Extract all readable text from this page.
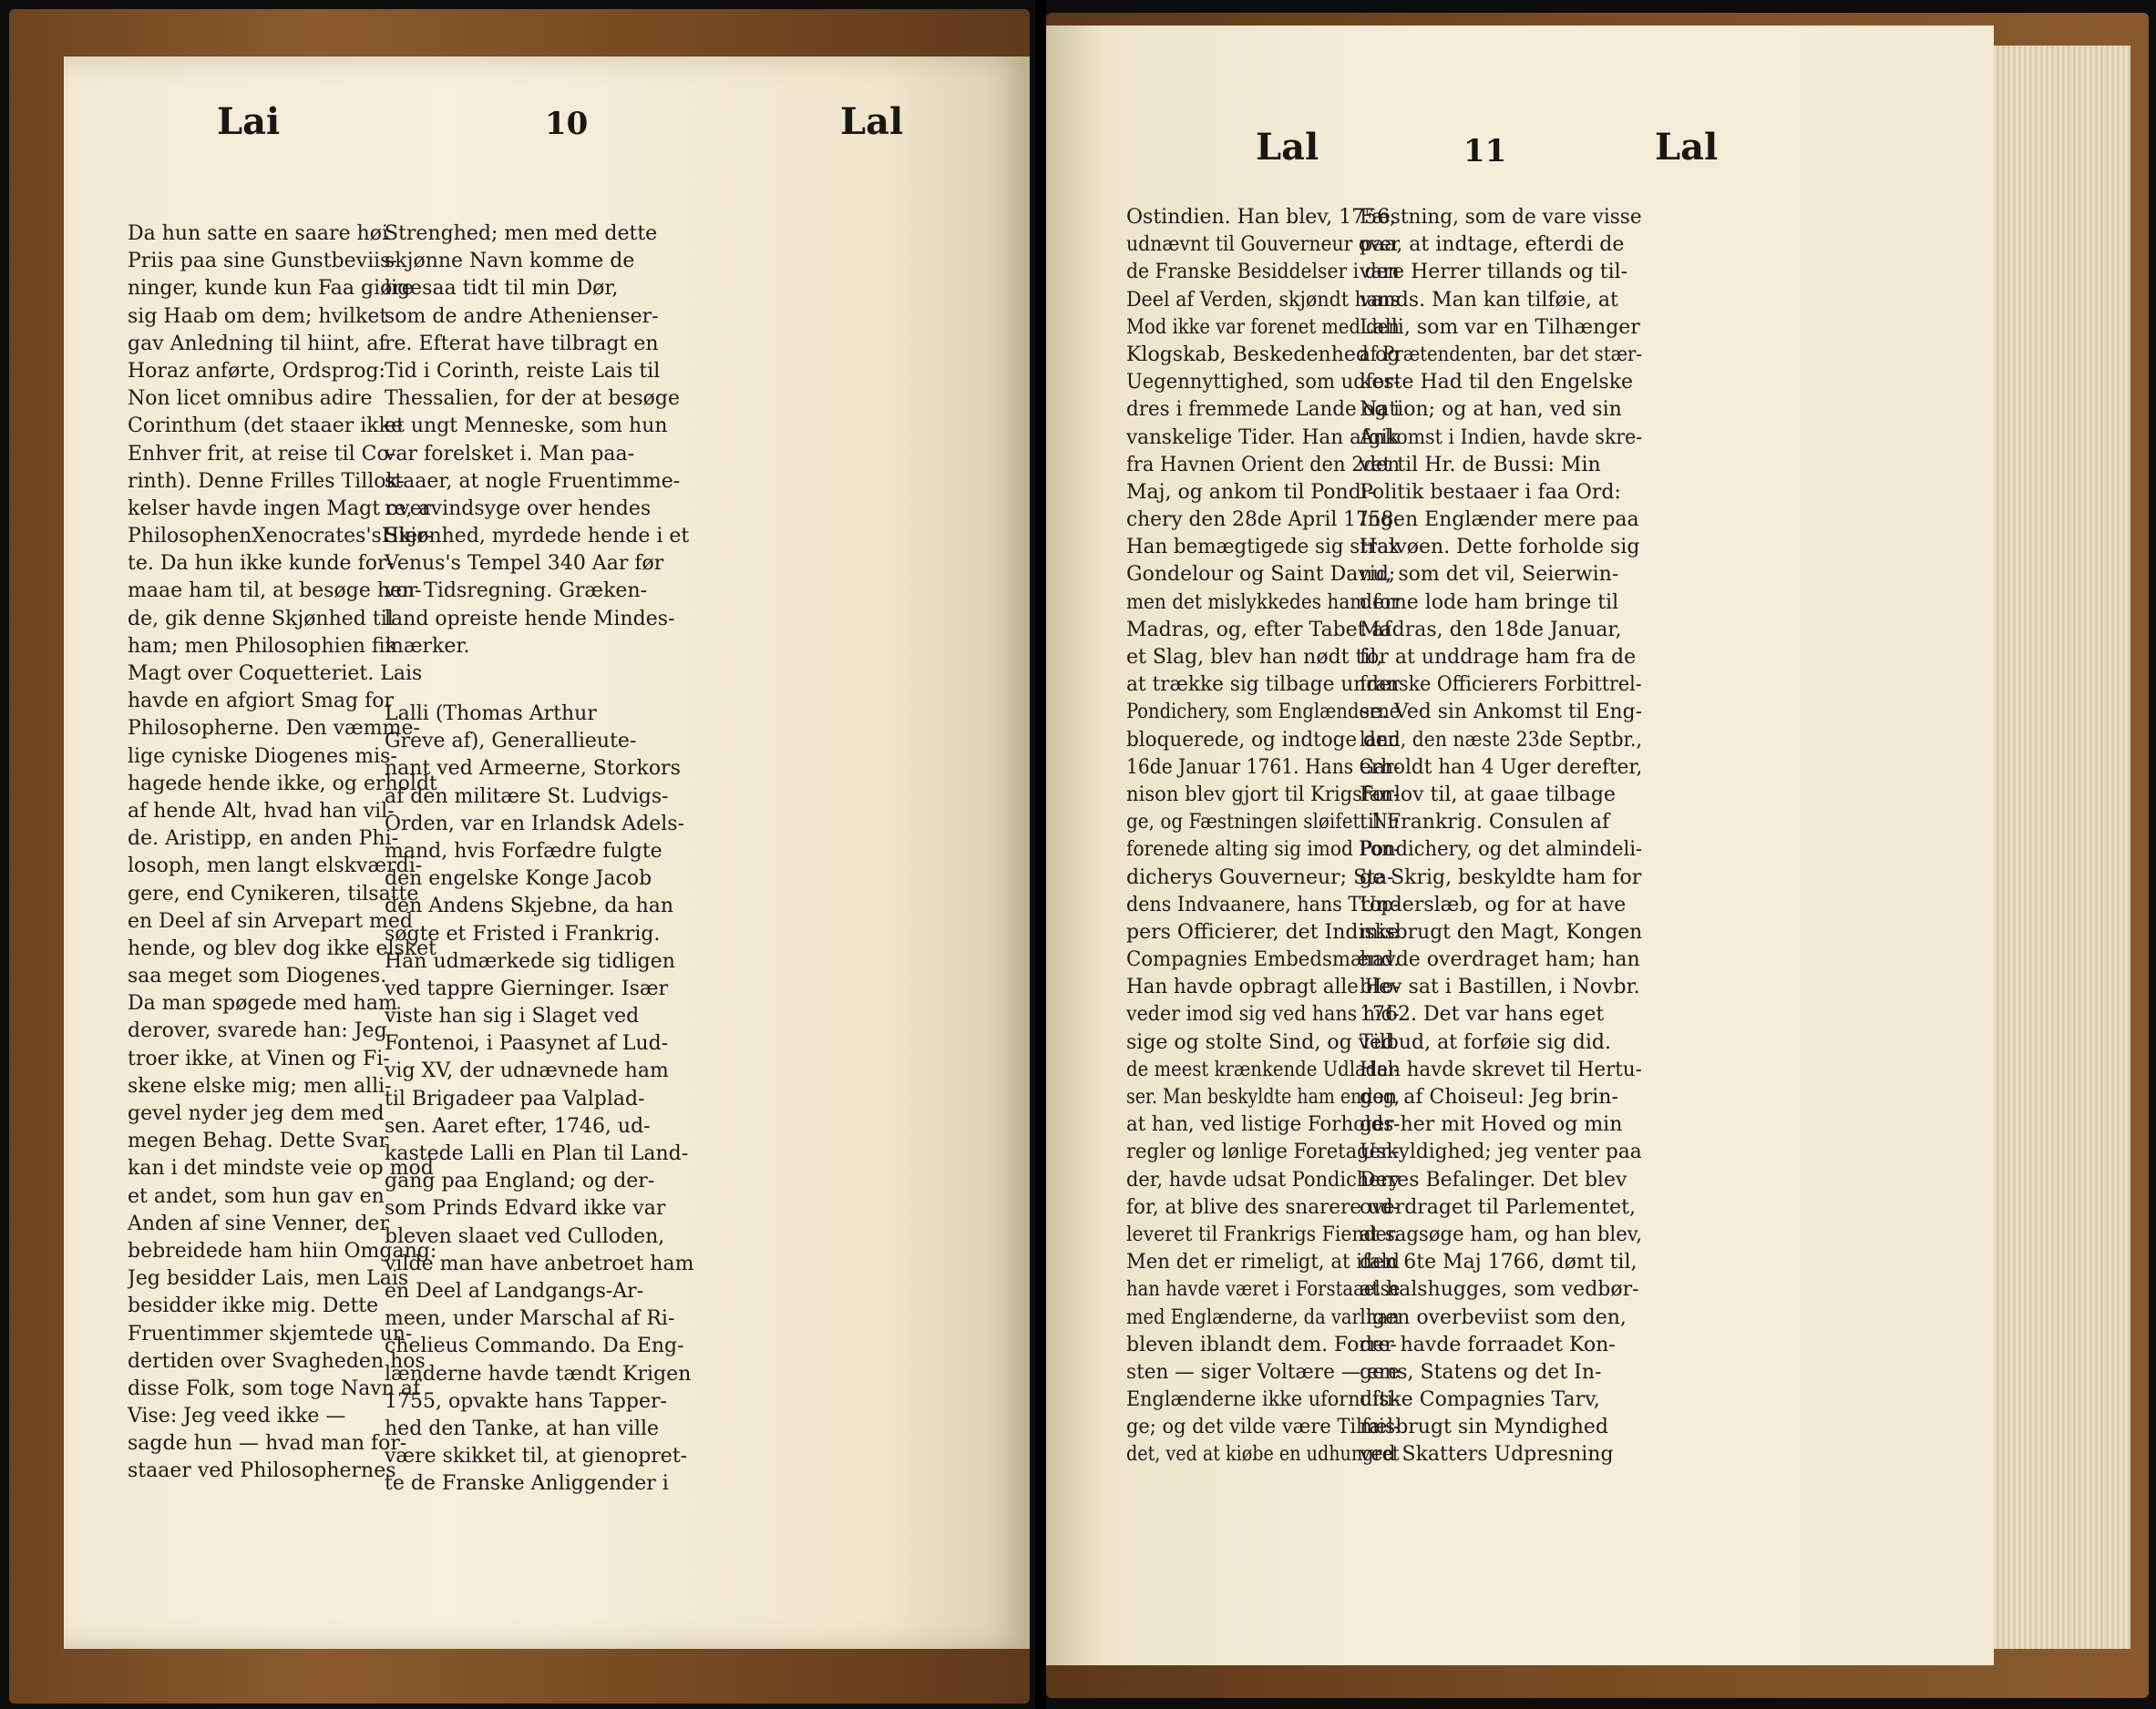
Lai	10	Lal
Da hun satte en saare høi
Priis paa sine Gunstbeviis-
ninger, kunde kun Faa giøre
sig Haab om dem; hvilket
gav Anledning til hiint, af
Horaz anførte, Ordsprog:
Non licet omnibus adire
Corinthum (det staaer ikke
Enhver frit, at reise til Co-
rinth). Denne Frilles Tillok-
kelser havde ingen Magt over
PhilosophenXenocrates'sHier-
te. Da hun ikke kunde for-
maae ham til, at besøge hen-
de, gik denne Skjønhed til
ham; men Philosophien fik
Magt over Coquetteriet. Lais
havde en afgiort Smag for
Philosopherne. Den væmme-
lige cyniske Diogenes mis-
hagede hende ikke, og erholdt
af hende Alt, hvad han vil-
de. Aristipp, en anden Phi-
losoph, men langt elskværdi-
gere, end Cynikeren, tilsatte
en Deel af sin Arvepart med
hende, og blev dog ikke elsket
saa meget som Diogenes.
Da man spøgede med ham
derover, svarede han: Jeg
troer ikke, at Vinen og Fi-
skene elske mig; men alli-
gevel nyder jeg dem med
megen Behag. Dette Svar
kan i det mindste veie op mod
et andet, som hun gav en
Anden af sine Venner, der
bebreidede ham hiin Omgang:
Jeg besidder Lais, men Lais
besidder ikke mig. Dette
Fruentimmer skjemtede un-
dertiden over Svagheden hos
disse Folk, som toge Navn af
Vise: Jeg veed ikke —
sagde hun — hvad man for-
staaer ved Philosophernes
Strenghed; men med dette
skjønne Navn komme de
ligesaa tidt til min Dør,
som de andre Athenienser-
re. Efterat have tilbragt en
Tid i Corinth, reiste Lais til
Thessalien, for der at besøge
et ungt Menneske, som hun
var forelsket i. Man paa-
staaer, at nogle Fruentimme-
re, avindsyge over hendes
Skjønhed, myrdede hende i et
Venus's Tempel 340 Aar før
vor Tidsregning. Græken-
land opreiste hende Mindes-
mærker.
Lalli (Thomas Arthur
Greve af), Generallieute-
nant ved Armeerne, Storkors
af den militære St. Ludvigs-
Orden, var en Irlandsk Adels-
mand, hvis Forfædre fulgte
den engelske Konge Jacob
den Andens Skjebne, da han
søgte et Fristed i Frankrig.
Han udmærkede sig tidligen
ved tappre Gierninger. Især
viste han sig i Slaget ved
Fontenoi, i Paasynet af Lud-
vig XV, der udnævnede ham
til Brigadeer paa Valplad-
sen. Aaret efter, 1746, ud-
kastede Lalli en Plan til Land-
gang paa England; og der-
som Prinds Edvard ikke var
bleven slaaet ved Culloden,
vilde man have anbetroet ham
en Deel af Landgangs-Ar-
meen, under Marschal af Ri-
chelieus Commando. Da Eng-
lænderne havde tændt Krigen
1755, opvakte hans Tapper-
hed den Tanke, at han ville
være skikket til, at gienopret-
te de Franske Anliggender i
Lal	11	Lal
Ostindien. Han blev, 1756,
udnævnt til Gouverneur over
de Franske Besiddelser i den
Deel af Verden, skjøndt hans
Mod ikke var forenet med den
Klogskab, Beskedenhed og
Uegennyttighed, som udfor-
dres i fremmede Lande og i
vanskelige Tider. Han afgik
fra Havnen Orient den 2den
Maj, og ankom til Pondi-
chery den 28de April 1758.
Han bemægtigede sig strax
Gondelour og Saint David;
men det mislykkedes ham for
Madras, og, efter Tabet af
et Slag, blev han nødt til,
at trække sig tilbage under
Pondichery, som Englænderne
bloquerede, og indtoge den
16de Januar 1761. Hans Gar-
nison blev gjort til Krigsfan-
ge, og Fæstningen sløifet. Nu
forenede alting sig imod Pon-
dicherys Gouverneur; Sta-
dens Indvaanere, hans Trop-
pers Officierer, det Indiske
Compagnies Embedsmænd.
Han havde opbragt alle Ho-
veder imod sig ved hans hid-
sige og stolte Sind, og ved
de meest krænkende Udladel-
ser. Man beskyldte ham endog,
at han, ved listige Forholds-
regler og lønlige Foretagen-
der, havde udsat Pondichery
for, at blive des snarere ud-
leveret til Frankrigs Fiender.
Men det er rimeligt, at ifald
han havde været i Forstaaelse
med Englænderne, da var han
bleven iblandt dem. Forre-
sten — siger Voltære — ere
Englænderne ikke ufornufti-
ge; og det vilde være Tilfæl-
det, ved at kiøbe en udhungret
Fæstning, som de vare visse
paa, at indtage, efterdi de
vare Herrer tillands og til-
vands. Man kan tilføie, at
Lalli, som var en Tilhænger
af Prætendenten, bar det stær-
keste Had til den Engelske
Nation; og at han, ved sin
Ankomst i Indien, havde skre-
vet til Hr. de Bussi: Min
Politik bestaaer i faa Ord:
Ingen Englænder mere paa
Halvøen. Dette forholde sig
nu, som det vil, Seierwin-
derne lode ham bringe til
Madras, den 18de Januar,
for at unddrage ham fra de
franske Officierers Forbittrel-
se. Ved sin Ankomst til Eng-
land, den næste 23de Septbr.,
erholdt han 4 Uger derefter,
Forlov til, at gaae tilbage
til Frankrig. Consulen af
Pondichery, og det almindeli-
ge Skrig, beskyldte ham for
Underslæb, og for at have
misbrugt den Magt, Kongen
havde overdraget ham; han
blev sat i Bastillen, i Novbr.
1762. Det var hans eget
Tilbud, at forføie sig did.
Han havde skrevet til Hertu-
gen af Choiseul: Jeg brin-
ger her mit Hoved og min
Uskyldighed; jeg venter paa
Deres Befalinger. Det blev
overdraget til Parlementet,
at sagsøge ham, og han blev,
den 6te Maj 1766, dømt til,
at halshugges, som vedbør-
ligen overbeviist som den,
der havde forraadet Kon-
gens, Statens og det In-
diske Compagnies Tarv,
misbrugt sin Myndighed
ved Skatters Udpresning
